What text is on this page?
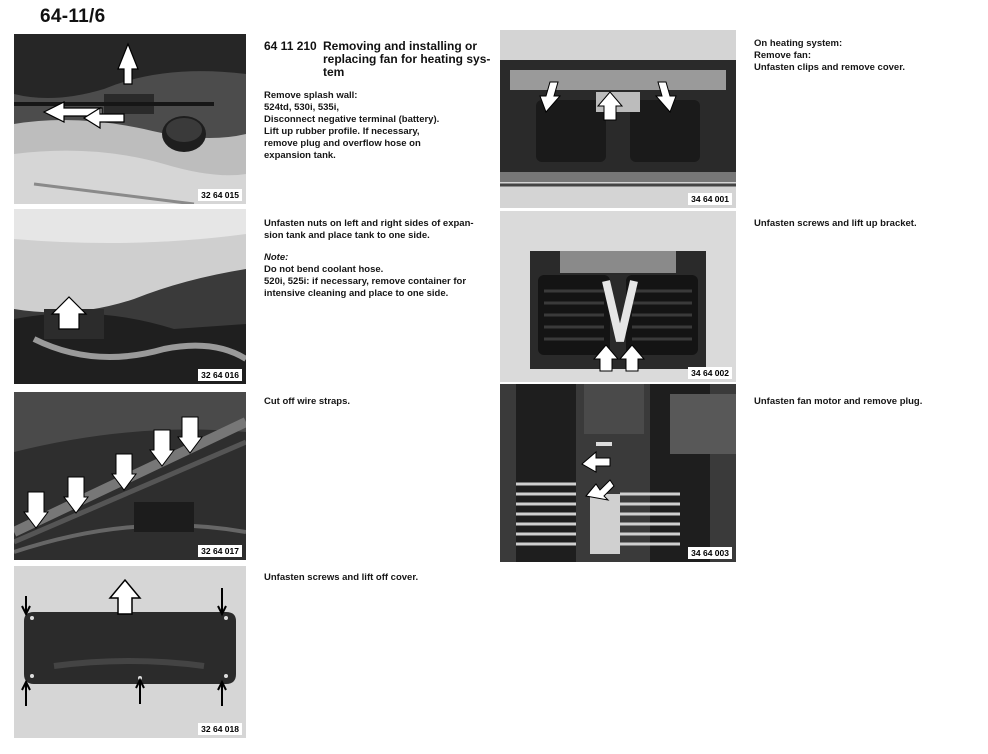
64-11/6
32 64 015
32 64 016
32 64 017
32 64 018
34 64 001
34 64 002
34 64 003
64 11 210 Removing and installing or
replacing fan for heating sys-
tem

Remove splash wall:

524td, 530i, 535i,

Disconnect negative terminal (battery).

Lift up rubber profile. If necessary,

remove plug and overflow hose on

expansion tank.

Unfasten nuts on left and right sides of expan-

sion tank and place tank to one side.

Note:

Do not bend coolant hose.

520i, 525i: if necessary, remove container for

intensive cleaning and place to one side.

Cut off wire straps.

Unfasten screws and lift off cover.

On heating system:

Remove fan:

Unfasten clips and remove cover.

Unfasten screws and lift up bracket.

Unfasten fan motor and remove plug.
